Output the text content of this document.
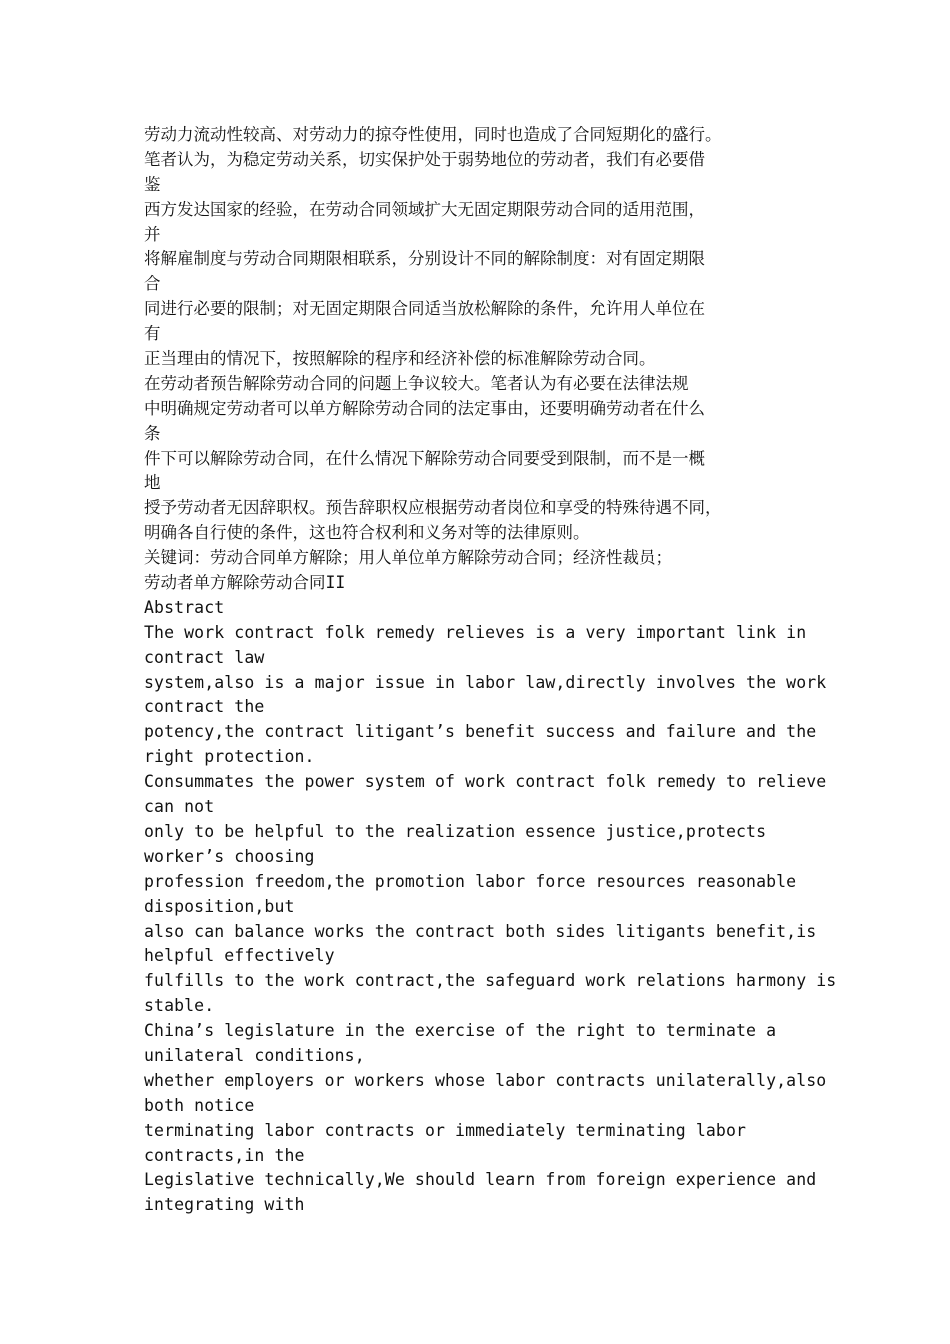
劳动力流动性较高、对劳动力的掠夺性使用，同时也造成了合同短期化的盛行。
笔者认为，为稳定劳动关系，切实保护处于弱势地位的劳动者，我们有必要借
鉴
西方发达国家的经验，在劳动合同领域扩大无固定期限劳动合同的适用范围，
并
将解雇制度与劳动合同期限相联系，分别设计不同的解除制度：对有固定期限
合
同进行必要的限制；对无固定期限合同适当放松解除的条件，允许用人单位在
有
正当理由的情况下，按照解除的程序和经济补偿的标准解除劳动合同。
在劳动者预告解除劳动合同的问题上争议较大。笔者认为有必要在法律法规
中明确规定劳动者可以单方解除劳动合同的法定事由，还要明确劳动者在什么
条
件下可以解除劳动合同，在什么情况下解除劳动合同要受到限制，而不是一概
地
授予劳动者无因辞职权。预告辞职权应根据劳动者岗位和享受的特殊待遇不同，
明确各自行使的条件，这也符合权利和义务对等的法律原则。
关键词：劳动合同单方解除；用人单位单方解除劳动合同；经济性裁员；
劳动者单方解除劳动合同II
Abstract
The work contract folk remedy relieves is a very important link in
contract law
system,also is a major issue in labor law,directly involves the work
contract the
potency,the contract litigant’s benefit success and failure and the
right protection.
Consummates the power system of work contract folk remedy to relieve
can not
only to be helpful to the realization essence justice,protects
worker’s choosing
profession freedom,the promotion labor force resources reasonable
disposition,but
also can balance works the contract both sides litigants benefit,is
helpful effectively
fulfills to the work contract,the safeguard work relations harmony is
stable.
China’s legislature in the exercise of the right to terminate a
unilateral conditions,
whether employers or workers whose labor contracts unilaterally,also
both notice
terminating labor contracts or immediately terminating labor
contracts,in the
Legislative technically,We should learn from foreign experience and
integrating with
